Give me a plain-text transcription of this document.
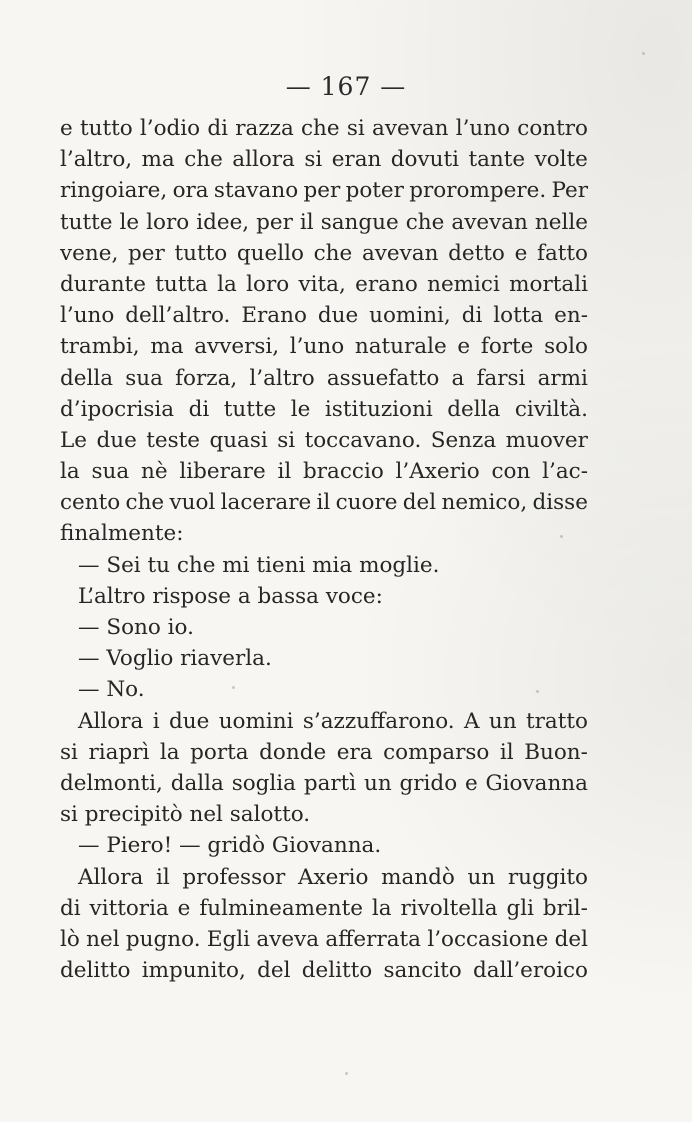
— 167 —
e tutto l’odio di razza che si avevan l’uno contro
l’altro, ma che allora si eran dovuti tante volte
ringoiare, ora stavano per poter prorompere. Per
tutte le loro idee, per il sangue che avevan nelle
vene, per tutto quello che avevan detto e fatto
durante tutta la loro vita, erano nemici mortali
l’uno dell’altro. Erano due uomini, di lotta en-
trambi, ma avversi, l’uno naturale e forte solo
della sua forza, l’altro assuefatto a farsi armi
d’ipocrisia di tutte le istituzioni della civiltà.
Le due teste quasi si toccavano. Senza muover
la sua nè liberare il braccio l’Axerio con l’ac-
cento che vuol lacerare il cuore del nemico, disse
finalmente:
— Sei tu che mi tieni mia moglie.
L’altro rispose a bassa voce:
— Sono io.
— Voglio riaverla.
— No.
Allora i due uomini s’azzuffarono. A un tratto
si riaprì la porta donde era comparso il Buon-
delmonti, dalla soglia partì un grido e Giovanna
si precipitò nel salotto.
— Piero! — gridò Giovanna.
Allora il professor Axerio mandò un ruggito
di vittoria e fulmineamente la rivoltella gli bril-
lò nel pugno. Egli aveva afferrata l’occasione del
delitto impunito, del delitto sancito dall’eroico
